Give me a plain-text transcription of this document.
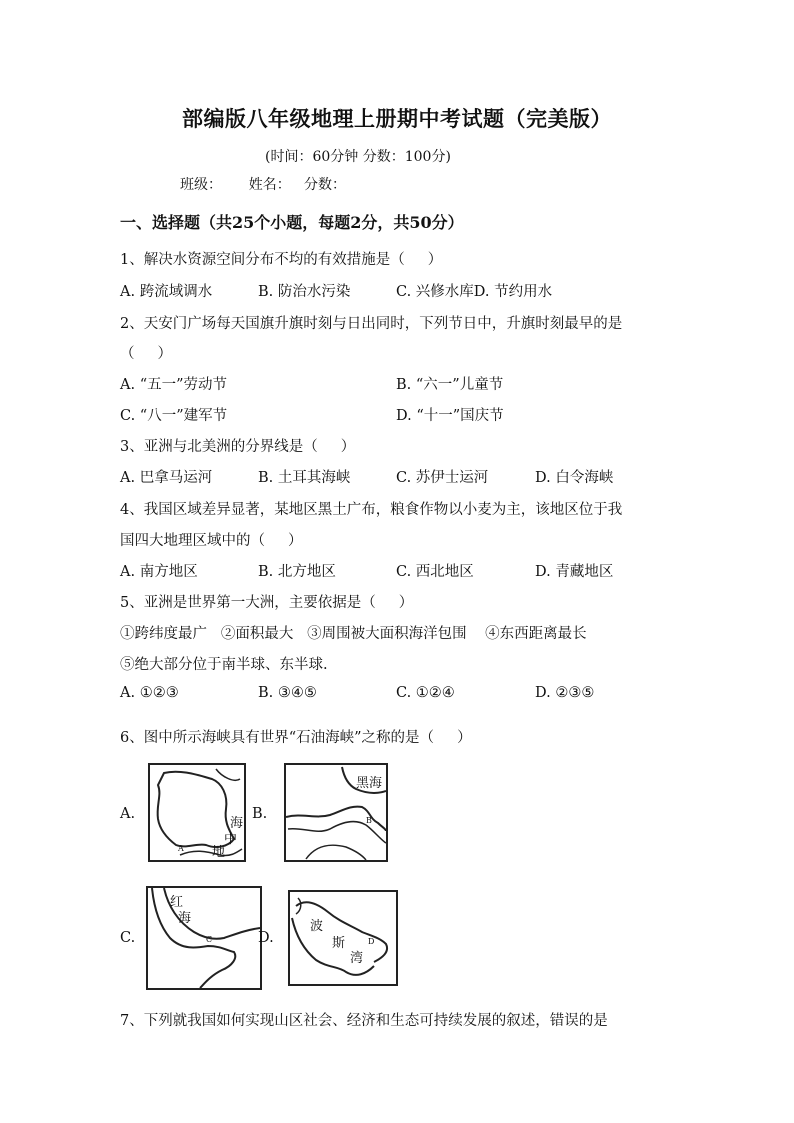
部编版八年级地理上册期中考试题（完美版）
(时间：60分钟 分数：100分)
班级：      姓名：   分数：
一、选择题（共25个小题，每题2分，共50分）
1、解决水资源空间分布不均的有效措施是（     ）
A. 跨流域调水	B. 防治水污染	C. 兴修水库D. 节约用水
2、天安门广场每天国旗升旗时刻与日出同时，下列节日中，升旗时刻最早的是
（     ）
A. “五一”劳动节	B. “六一”儿童节
C. “八一”建军节	D. “十一”国庆节
3、亚洲与北美洲的分界线是（     ）
A. 巴拿马运河	B. 土耳其海峡	C. 苏伊士运河	D. 白令海峡
4、我国区域差异显著，某地区黑土广布，粮食作物以小麦为主，该地区位于我
国四大地理区域中的（     ）
A. 南方地区	B. 北方地区	C. 西北地区	D. 青藏地区
5、亚洲是世界第一大洲，主要依据是（     ）
①跨纬度最广   ②面积最大   ③周围被大面积海洋包围    ④东西距离最长
⑤绝大部分位于南半球、东半球.
A. ①②③	B. ③④⑤	C. ①②④	D. ②③⑤
6、图中所示海峡具有世界“石油海峡”之称的是（     ）
A.
海
中
地
A
B.
黑海
B
C.
红
海
C	D.
波
斯
湾
D
7、下列就我国如何实现山区社会、经济和生态可持续发展的叙述，错误的是
